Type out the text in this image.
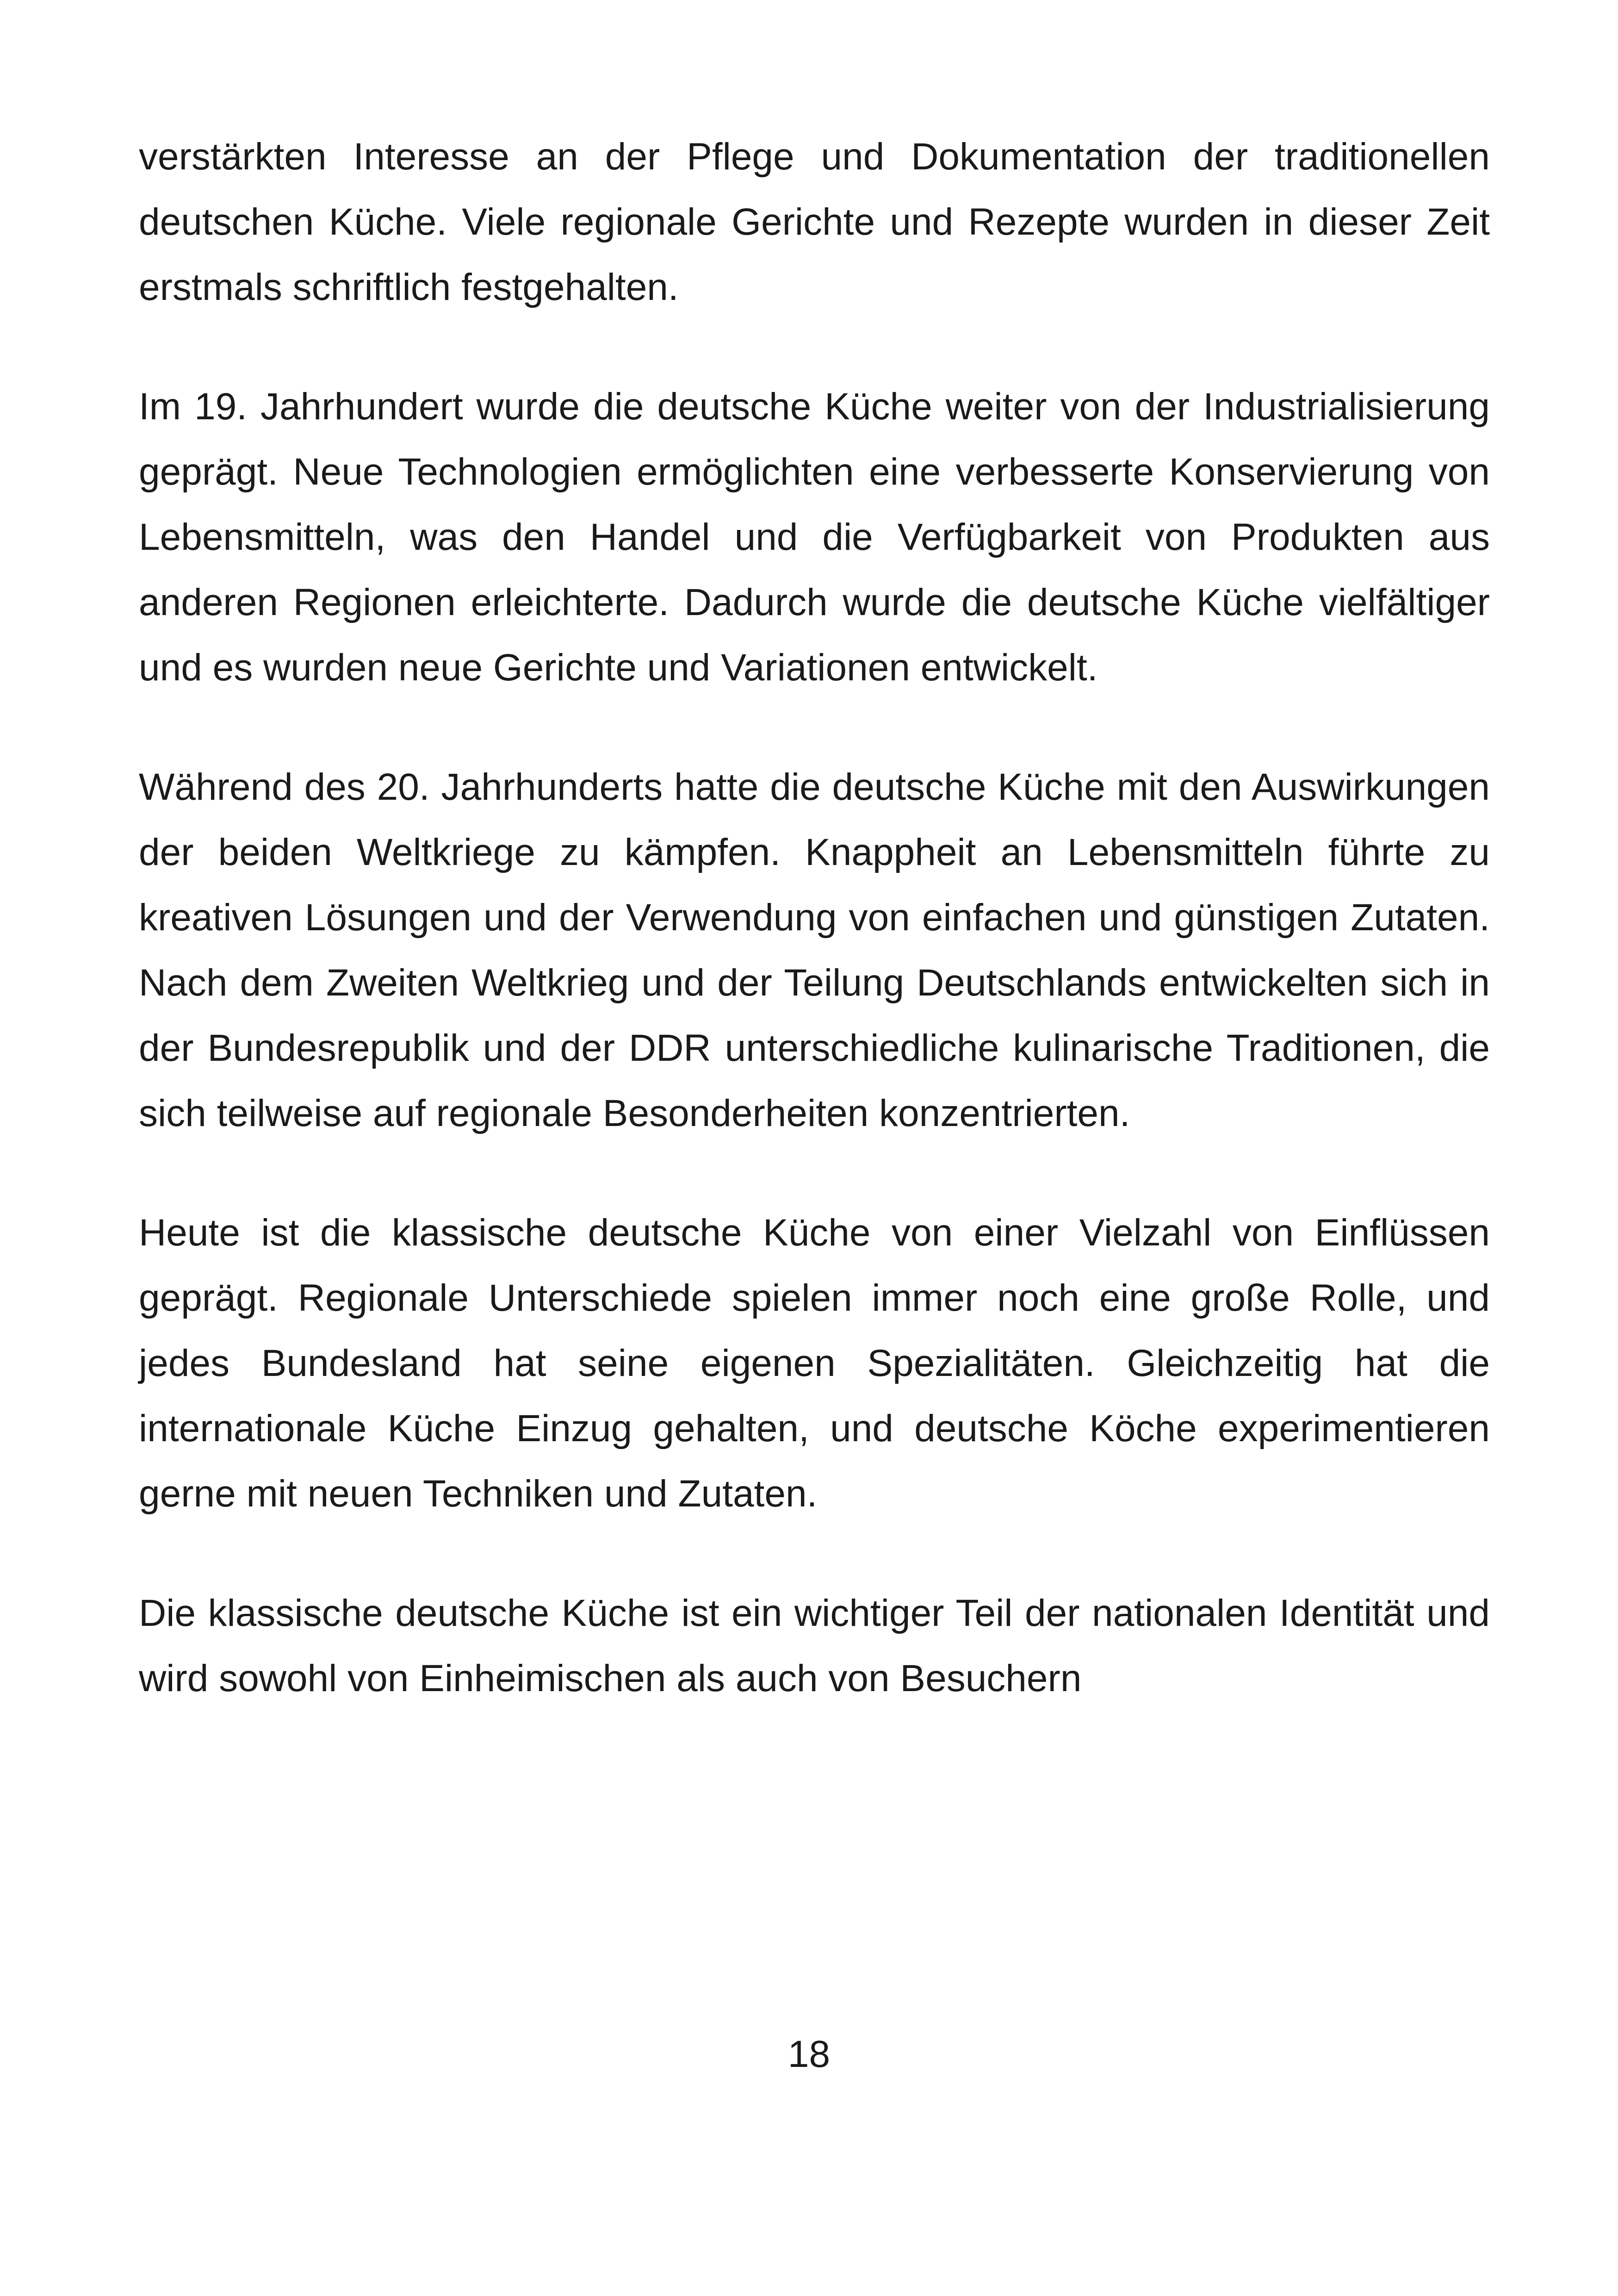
verstärkten Interesse an der Pflege und Dokumentation der traditionellen deutschen Küche. Viele regionale Gerichte und Rezepte wurden in dieser Zeit erstmals schriftlich festgehalten.

Im 19. Jahrhundert wurde die deutsche Küche weiter von der Industrialisierung geprägt. Neue Technologien ermöglichten eine verbesserte Konservierung von Lebensmitteln, was den Handel und die Verfügbarkeit von Produkten aus anderen Regionen erleichterte. Dadurch wurde die deutsche Küche vielfältiger und es wurden neue Gerichte und Variationen entwickelt.

Während des 20. Jahrhunderts hatte die deutsche Küche mit den Auswirkungen der beiden Weltkriege zu kämpfen. Knappheit an Lebensmitteln führte zu kreativen Lösungen und der Verwendung von einfachen und günstigen Zutaten. Nach dem Zweiten Weltkrieg und der Teilung Deutschlands entwickelten sich in der Bundesrepublik und der DDR unterschiedliche kulinarische Traditionen, die sich teilweise auf regionale Besonderheiten konzentrierten.

Heute ist die klassische deutsche Küche von einer Vielzahl von Einflüssen geprägt. Regionale Unterschiede spielen immer noch eine große Rolle, und jedes Bundesland hat seine eigenen Spezialitäten. Gleichzeitig hat die internationale Küche Einzug gehalten, und deutsche Köche experimentieren gerne mit neuen Techniken und Zutaten.

Die klassische deutsche Küche ist ein wichtiger Teil der nationalen Identität und wird sowohl von Einheimischen als auch von Besuchern

18
